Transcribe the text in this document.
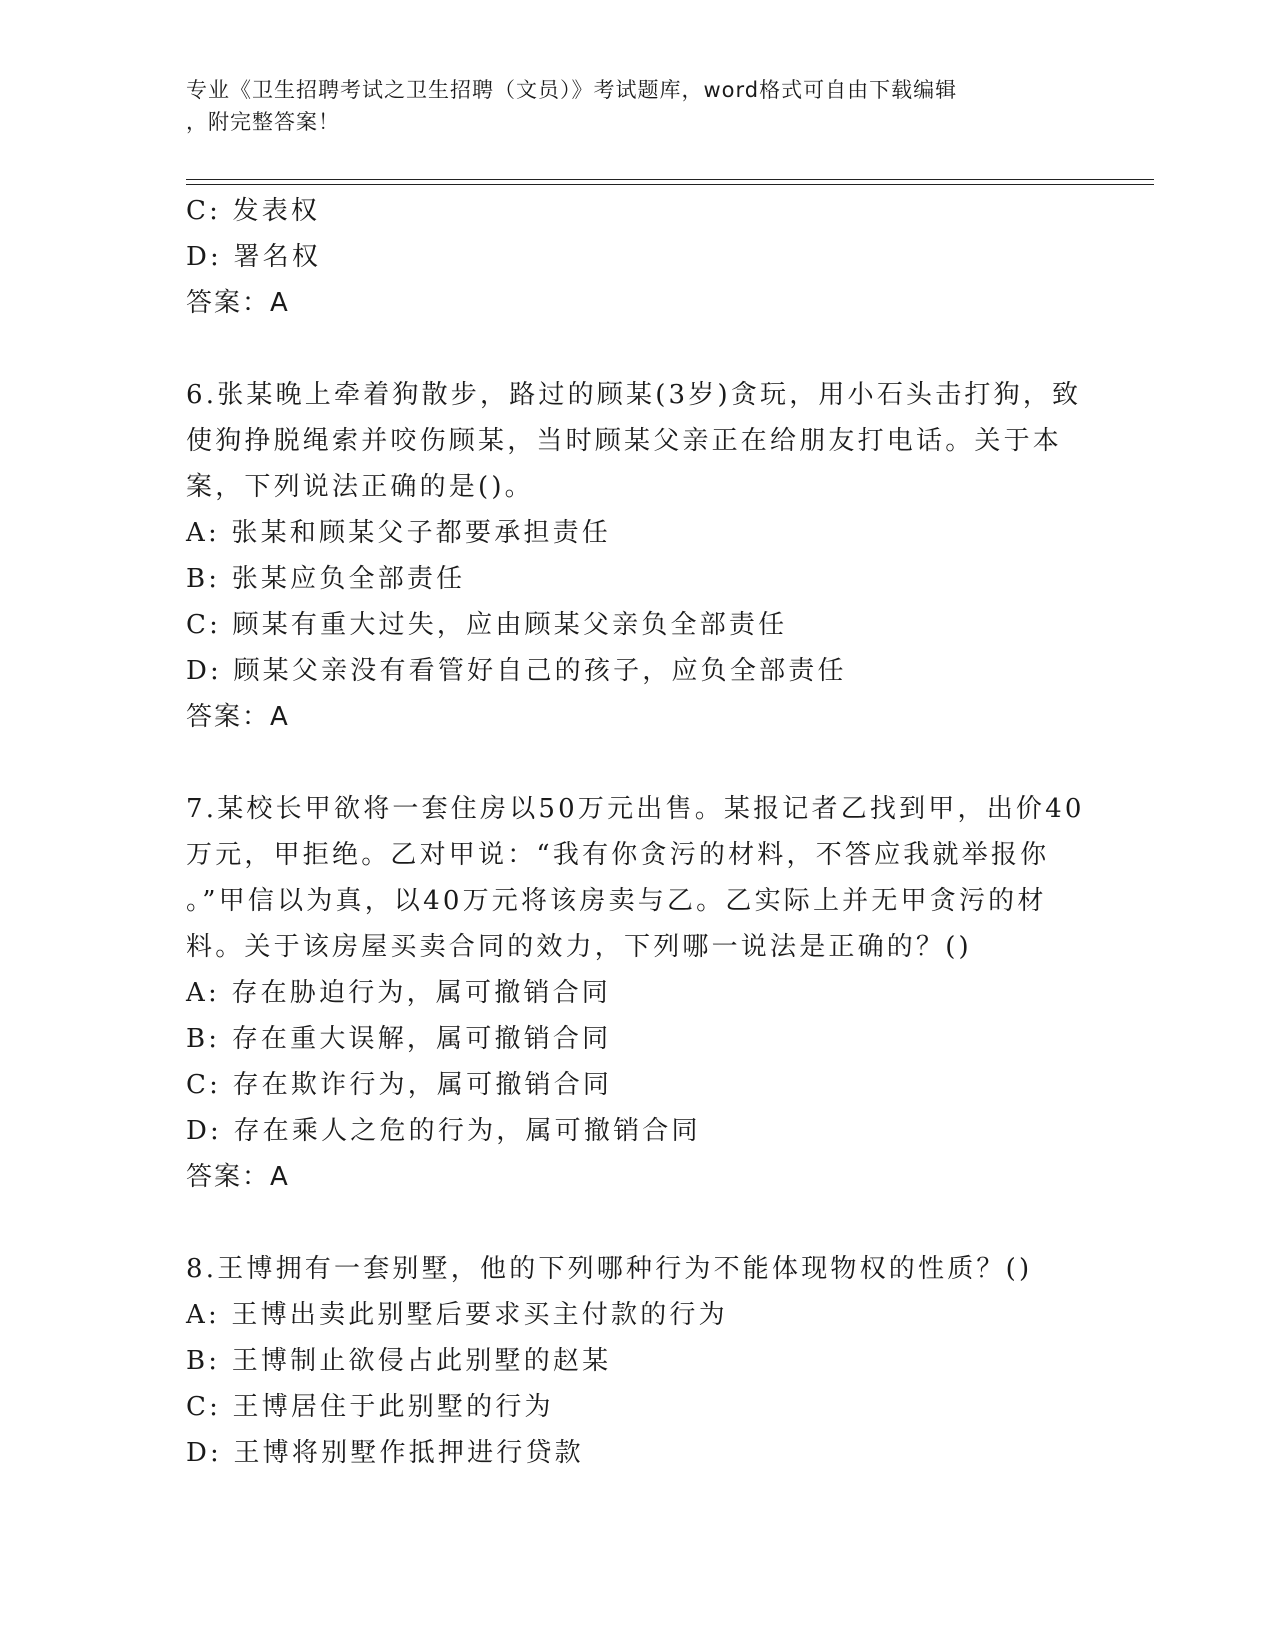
专业《卫生招聘考试之卫生招聘（文员）》考试题库，word格式可自由下载编辑
，附完整答案！
C: 发表权
D: 署名权
答案：A
6.张某晚上牵着狗散步，路过的顾某(3岁)贪玩，用小石头击打狗，致
使狗挣脱绳索并咬伤顾某，当时顾某父亲正在给朋友打电话。关于本
案，下列说法正确的是()。
A: 张某和顾某父子都要承担责任
B: 张某应负全部责任
C: 顾某有重大过失，应由顾某父亲负全部责任
D: 顾某父亲没有看管好自己的孩子，应负全部责任
答案：A
7.某校长甲欲将一套住房以50万元出售。某报记者乙找到甲，出价40
万元，甲拒绝。乙对甲说：“我有你贪污的材料，不答应我就举报你
。”甲信以为真，以40万元将该房卖与乙。乙实际上并无甲贪污的材
料。关于该房屋买卖合同的效力，下列哪一说法是正确的？()
A: 存在胁迫行为，属可撤销合同
B: 存在重大误解，属可撤销合同
C: 存在欺诈行为，属可撤销合同
D: 存在乘人之危的行为，属可撤销合同
答案：A
8.王博拥有一套别墅，他的下列哪种行为不能体现物权的性质？()
A: 王博出卖此别墅后要求买主付款的行为
B: 王博制止欲侵占此别墅的赵某
C: 王博居住于此别墅的行为
D: 王博将别墅作抵押进行贷款
